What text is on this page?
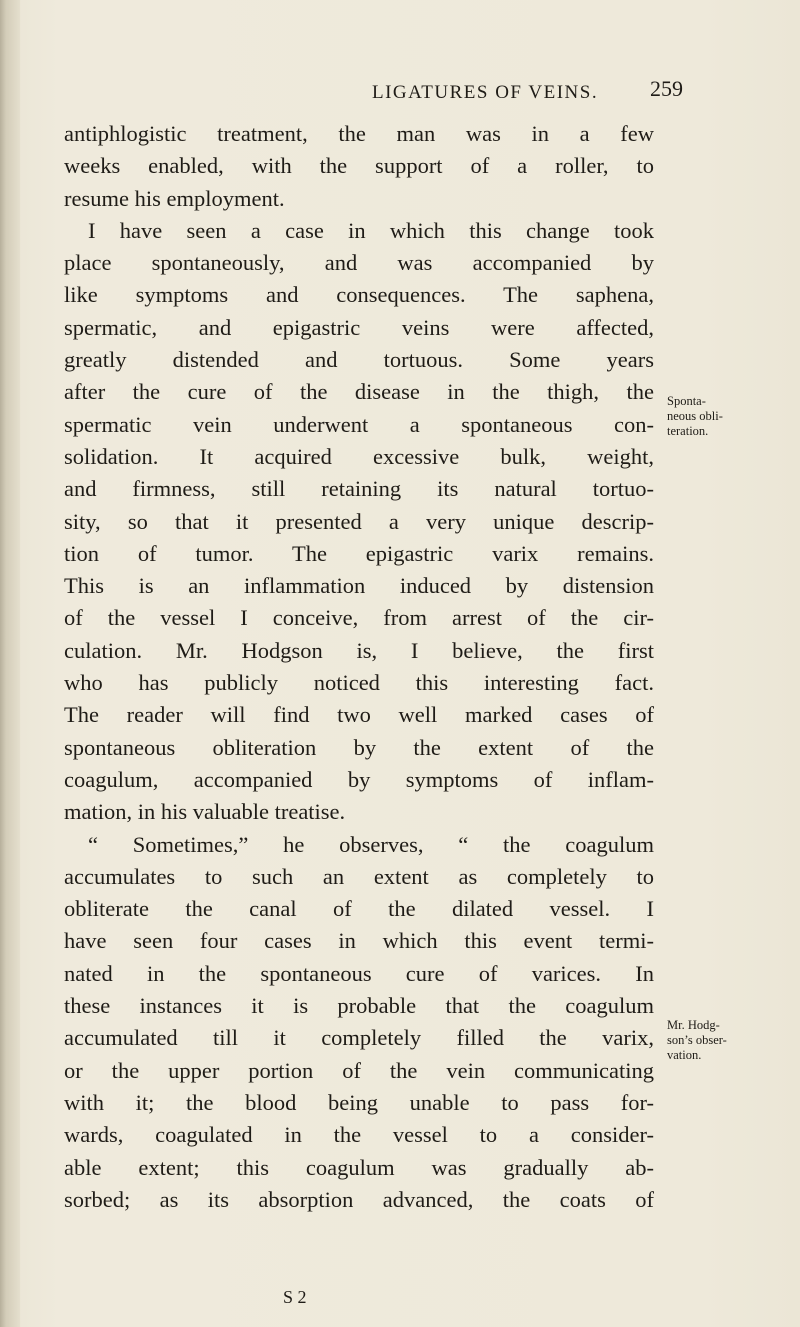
LIGATURES OF VEINS. 259
antiphlogistic treatment, the man was in a few
weeks enabled, with the support of a roller, to
resume his employment.
I have seen a case in which this change took
place spontaneously, and was accompanied by
like symptoms and consequences. The saphena,
spermatic, and epigastric veins were affected,
greatly distended and tortuous. Some years
after the cure of the disease in the thigh, the
spermatic vein underwent a spontaneous con-
solidation. It acquired excessive bulk, weight,
and firmness, still retaining its natural tortuo-
sity, so that it presented a very unique descrip-
tion of tumor. The epigastric varix remains.
This is an inflammation induced by distension
of the vessel I conceive, from arrest of the cir-
culation. Mr. Hodgson is, I believe, the first
who has publicly noticed this interesting fact.
The reader will find two well marked cases of
spontaneous obliteration by the extent of the
coagulum, accompanied by symptoms of inflam-
mation, in his valuable treatise.
“ Sometimes,” he observes, “ the coagulum
accumulates to such an extent as completely to
obliterate the canal of the dilated vessel. I
have seen four cases in which this event termi-
nated in the spontaneous cure of varices. In
these instances it is probable that the coagulum
accumulated till it completely filled the varix,
or the upper portion of the vein communicating
with it; the blood being unable to pass for-
wards, coagulated in the vessel to a consider-
able extent; this coagulum was gradually ab-
sorbed; as its absorption advanced, the coats of
Sponta-
neous obli-
teration.
Mr. Hodg-
son’s obser-
vation.
S 2
